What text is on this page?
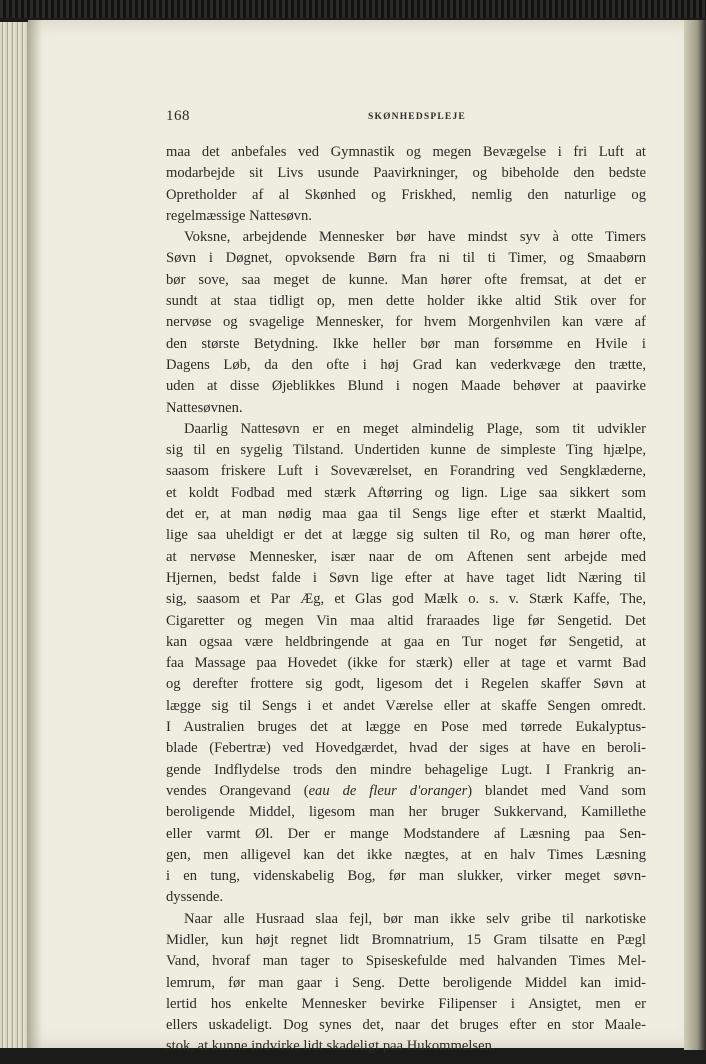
168	SKØNHEDSPLEJE
maa det anbefales ved Gymnastik og megen Bevægelse i fri Luft at
modarbejde sit Livs usunde Paavirkninger, og bibeholde den bedste
Opretholder af al Skønhed og Friskhed, nemlig den naturlige og
regelmæssige Nattesøvn.
Voksne, arbejdende Mennesker bør have mindst syv à otte Timers
Søvn i Døgnet, opvoksende Børn fra ni til ti Timer, og Smaabørn
bør sove, saa meget de kunne. Man hører ofte fremsat, at det er
sundt at staa tidligt op, men dette holder ikke altid Stik over for
nervøse og svagelige Mennesker, for hvem Morgenhvilen kan være af
den største Betydning. Ikke heller bør man forsømme en Hvile i
Dagens Løb, da den ofte i høj Grad kan vederkvæge den trætte,
uden at disse Øjeblikkes Blund i nogen Maade behøver at paavirke
Nattesøvnen.
Daarlig Nattesøvn er en meget almindelig Plage, som tit udvikler
sig til en sygelig Tilstand. Undertiden kunne de simpleste Ting hjælpe,
saasom friskere Luft i Soveværelset, en Forandring ved Sengklæderne,
et koldt Fodbad med stærk Aftørring og lign. Lige saa sikkert som
det er, at man nødig maa gaa til Sengs lige efter et stærkt Maaltid,
lige saa uheldigt er det at lægge sig sulten til Ro, og man hører ofte,
at nervøse Mennesker, især naar de om Aftenen sent arbejde med
Hjernen, bedst falde i Søvn lige efter at have taget lidt Næring til
sig, saasom et Par Æg, et Glas god Mælk o. s. v. Stærk Kaffe, The,
Cigaretter og megen Vin maa altid fraraades lige før Sengetid. Det
kan ogsaa være heldbringende at gaa en Tur noget før Sengetid, at
faa Massage paa Hovedet (ikke for stærk) eller at tage et varmt Bad
og derefter frottere sig godt, ligesom det i Regelen skaffer Søvn at
lægge sig til Sengs i et andet Værelse eller at skaffe Sengen omredt.
I Australien bruges det at lægge en Pose med tørrede Eukalyptus-
blade (Febertræ) ved Hovedgærdet, hvad der siges at have en beroli-
gende Indflydelse trods den mindre behagelige Lugt. I Frankrig an-
vendes Orangevand (eau de fleur d'oranger) blandet med Vand som
beroligende Middel, ligesom man her bruger Sukkervand, Kamillethe
eller varmt Øl. Der er mange Modstandere af Læsning paa Sen-
gen, men alligevel kan det ikke nægtes, at en halv Times Læsning
i en tung, videnskabelig Bog, før man slukker, virker meget søvn-
dyssende.
Naar alle Husraad slaa fejl, bør man ikke selv gribe til narkotiske
Midler, kun højt regnet lidt Bromnatrium, 15 Gram tilsatte en Pægl
Vand, hvoraf man tager to Spiseskefulde med halvanden Times Mel-
lemrum, før man gaar i Seng. Dette beroligende Middel kan imid-
lertid hos enkelte Mennesker bevirke Filipenser i Ansigtet, men er
ellers uskadeligt. Dog synes det, naar det bruges efter en stor Maale-
stok, at kunne indvirke lidt skadeligt paa Hukommelsen.
